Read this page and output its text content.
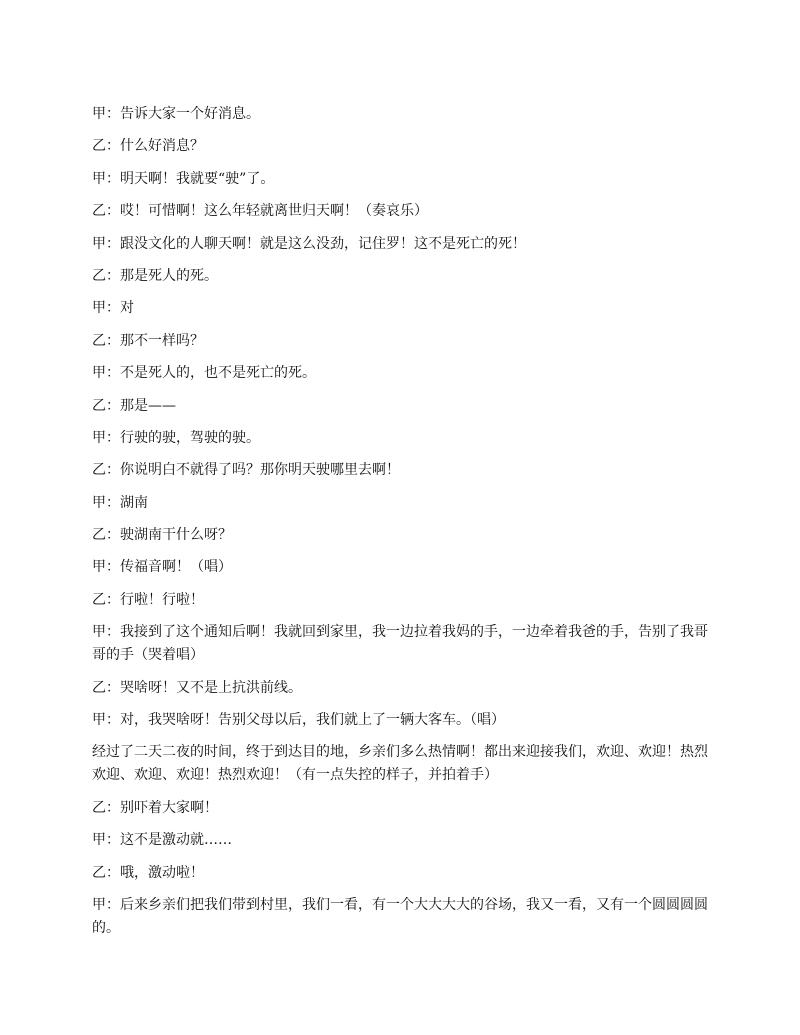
甲：告诉大家一个好消息。

乙：什么好消息？

甲：明天啊！我就要“驶”了。

乙：哎！可惜啊！这么年轻就离世归天啊！（奏哀乐）

甲：跟没文化的人聊天啊！就是这么没劲，记住罗！这不是死亡的死！

乙：那是死人的死。

甲：对

乙：那不一样吗？

甲：不是死人的，也不是死亡的死。

乙：那是——

甲：行驶的驶，驾驶的驶。

乙：你说明白不就得了吗？那你明天驶哪里去啊！

甲：湖南

乙：驶湖南干什么呀？

甲：传福音啊！（唱）

乙：行啦！行啦！

甲：我接到了这个通知后啊！我就回到家里，我一边拉着我妈的手，一边牵着我爸的手，告别了我哥哥的手（哭着唱）

乙：哭啥呀！又不是上抗洪前线。

甲：对，我哭啥呀！告别父母以后，我们就上了一辆大客车。（唱）

经过了二天二夜的时间，终于到达目的地，乡亲们多么热情啊！都出来迎接我们，欢迎、欢迎！热烈欢迎、欢迎、欢迎！热烈欢迎！（有一点失控的样子，并拍着手）

乙：别吓着大家啊！

甲：这不是激动就……

乙：哦，激动啦！

甲：后来乡亲们把我们带到村里，我们一看，有一个大大大大的谷场，我又一看，又有一个圆圆圆圆的。
